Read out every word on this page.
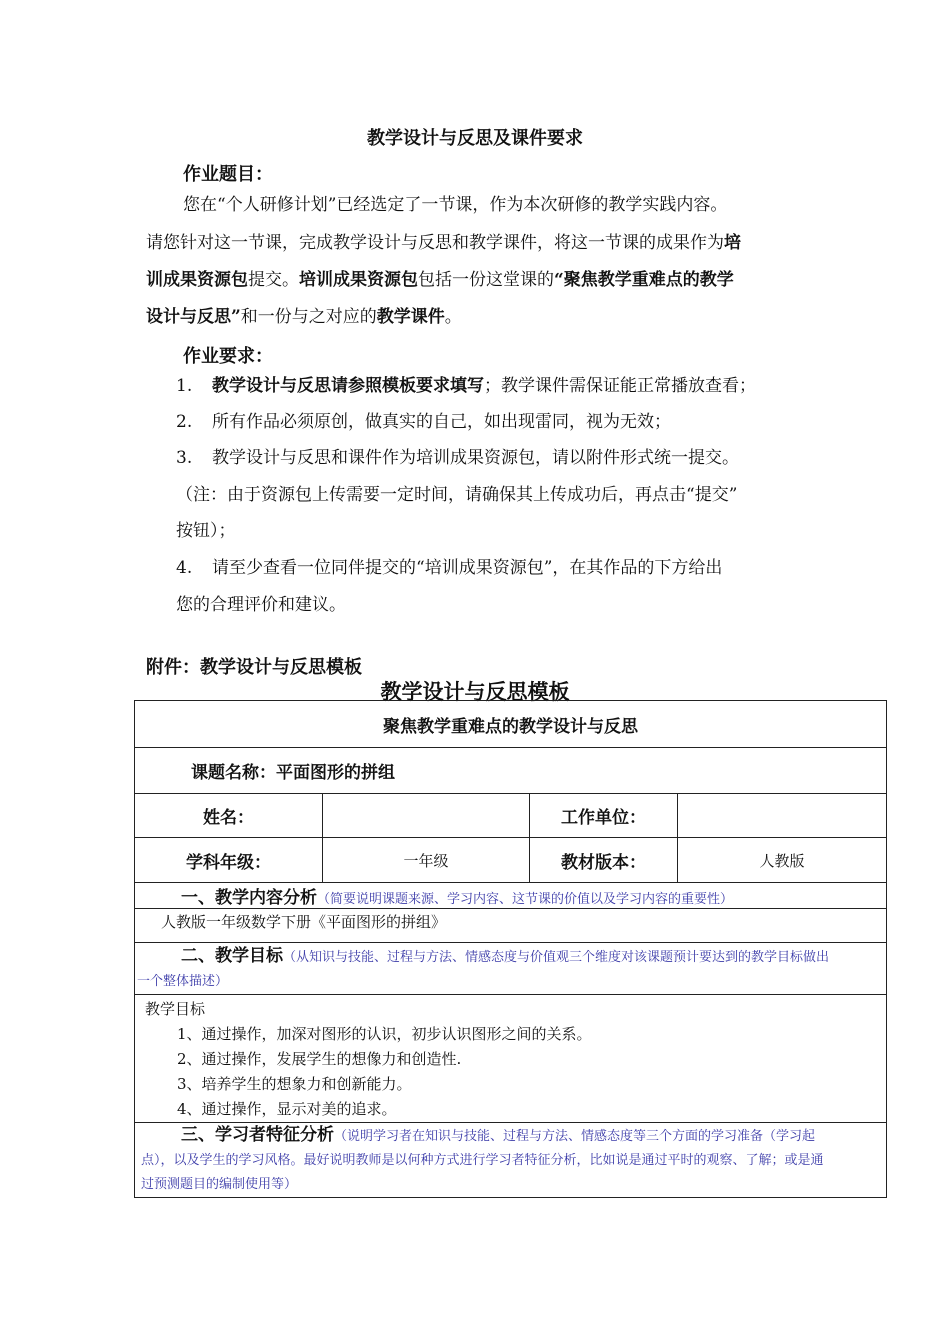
教学设计与反思及课件要求
作业题目：
您在“个人研修计划”已经选定了一节课，作为本次研修的教学实践内容。
请您针对这一节课，完成教学设计与反思和教学课件，将这一节课的成果作为培
训成果资源包提交。培训成果资源包包括一份这堂课的“聚焦教学重难点的教学
设计与反思”和一份与之对应的教学课件。
作业要求：
1. 教学设计与反思请参照模板要求填写；教学课件需保证能正常播放查看；
2. 所有作品必须原创，做真实的自己，如出现雷同，视为无效；
3. 教学设计与反思和课件作为培训成果资源包，请以附件形式统一提交。
（注：由于资源包上传需要一定时间，请确保其上传成功后，再点击“提交”
按钮）；
4. 请至少查看一位同伴提交的“培训成果资源包”，在其作品的下方给出
您的合理评价和建议。
附件：教学设计与反思模板
教学设计与反思模板
聚焦教学重难点的教学设计与反思			
课题名称：平面图形的拼组			
姓名：		工作单位：	
学科年级：	一年级	教材版本：	人教版
一、教学内容分析（简要说明课题来源、学习内容、这节课的价值以及学习内容的重要性）			
人教版一年级数学下册《平面图形的拼组》			

二、教学目标（从知识与技能、过程与方法、情感态度与价值观三个维度对该课题预计要达到的教学目标做出
一个整体描述）			

教学目标
1、通过操作，加深对图形的认识，初步认识图形之间的关系。
2、通过操作，发展学生的想像力和创造性.
3、培养学生的想象力和创新能力。
4、通过操作，显示对美的追求。			

三、学习者特征分析（说明学习者在知识与技能、过程与方法、情感态度等三个方面的学习准备（学习起
点），以及学生的学习风格。最好说明教师是以何种方式进行学习者特征分析，比如说是通过平时的观察、了解；或是通
过预测题目的编制使用等）			
